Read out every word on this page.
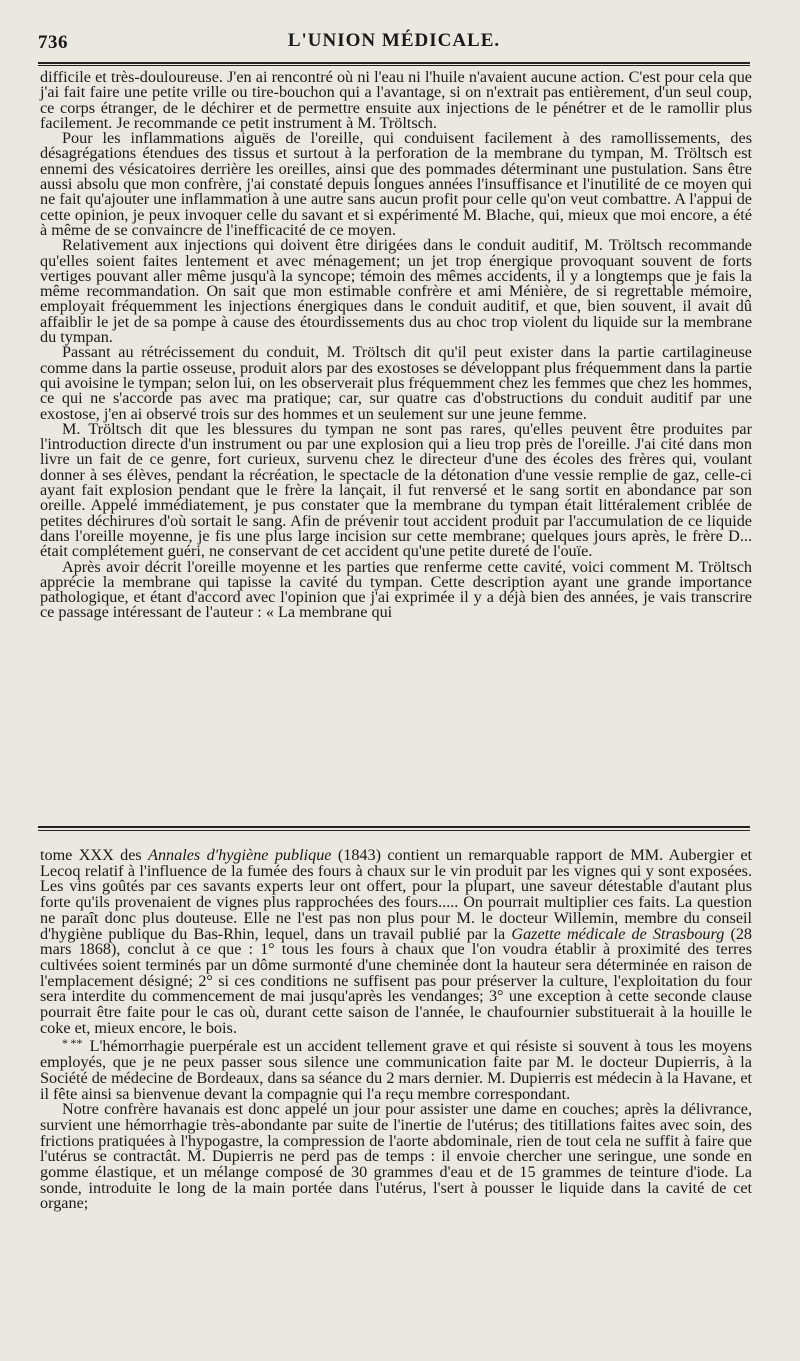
736	L'UNION MÉDICALE.

difficile et très-douloureuse. J'en ai rencontré où ni l'eau ni l'huile n'avaient aucune action. C'est pour cela que j'ai fait faire une petite vrille ou tire-bouchon qui a l'avantage, si on n'extrait pas entièrement, d'un seul coup, ce corps étranger, de le déchirer et de permettre ensuite aux injections de le pénétrer et de le ramollir plus facilement. Je recommande ce petit instrument à M. Tröltsch.

Pour les inflammations aiguës de l'oreille, qui conduisent facilement à des ramollissements, des désagrégations étendues des tissus et surtout à la perforation de la membrane du tympan, M. Tröltsch est ennemi des vésicatoires derrière les oreilles, ainsi que des pommades déterminant une pustulation. Sans être aussi absolu que mon confrère, j'ai constaté depuis longues années l'insuffisance et l'inutilité de ce moyen qui ne fait qu'ajouter une inflammation à une autre sans aucun profit pour celle qu'on veut combattre. A l'appui de cette opinion, je peux invoquer celle du savant et si expérimenté M. Blache, qui, mieux que moi encore, a été à même de se convaincre de l'inefficacité de ce moyen.

Relativement aux injections qui doivent être dirigées dans le conduit auditif, M. Tröltsch recommande qu'elles soient faites lentement et avec ménagement; un jet trop énergique provoquant souvent de forts vertiges pouvant aller même jusqu'à la syncope; témoin des mêmes accidents, il y a longtemps que je fais la même recommandation. On sait que mon estimable confrère et ami Ménière, de si regrettable mémoire, employait fréquemment les injections énergiques dans le conduit auditif, et que, bien souvent, il avait dû affaiblir le jet de sa pompe à cause des étourdissements dus au choc trop violent du liquide sur la membrane du tympan.

Passant au rétrécissement du conduit, M. Tröltsch dit qu'il peut exister dans la partie cartilagineuse comme dans la partie osseuse, produit alors par des exostoses se développant plus fréquemment dans la partie qui avoisine le tympan; selon lui, on les observerait plus fréquemment chez les femmes que chez les hommes, ce qui ne s'accorde pas avec ma pratique; car, sur quatre cas d'obstructions du conduit auditif par une exostose, j'en ai observé trois sur des hommes et un seulement sur une jeune femme.

M. Tröltsch dit que les blessures du tympan ne sont pas rares, qu'elles peuvent être produites par l'introduction directe d'un instrument ou par une explosion qui a lieu trop près de l'oreille. J'ai cité dans mon livre un fait de ce genre, fort curieux, survenu chez le directeur d'une des écoles des frères qui, voulant donner à ses élèves, pendant la récréation, le spectacle de la détonation d'une vessie remplie de gaz, celle-ci ayant fait explosion pendant que le frère la lançait, il fut renversé et le sang sortit en abondance par son oreille. Appelé immédiatement, je pus constater que la membrane du tympan était littéralement criblée de petites déchirures d'où sortait le sang. Afin de prévenir tout accident produit par l'accumulation de ce liquide dans l'oreille moyenne, je fis une plus large incision sur cette membrane; quelques jours après, le frère D... était complétement guéri, ne conservant de cet accident qu'une petite dureté de l'ouïe.

Après avoir décrit l'oreille moyenne et les parties que renferme cette cavité, voici comment M. Tröltsch apprécie la membrane qui tapisse la cavité du tympan. Cette description ayant une grande importance pathologique, et étant d'accord avec l'opinion que j'ai exprimée il y a déjà bien des années, je vais transcrire ce passage intéressant de l'auteur : « La membrane qui

tome XXX des Annales d'hygiène publique (1843) contient un remarquable rapport de MM. Aubergier et Lecoq relatif à l'influence de la fumée des fours à chaux sur le vin produit par les vignes qui y sont exposées. Les vins goûtés par ces savants experts leur ont offert, pour la plupart, une saveur détestable d'autant plus forte qu'ils provenaient de vignes plus rapprochées des fours..... On pourrait multiplier ces faits. La question ne paraît donc plus douteuse. Elle ne l'est pas non plus pour M. le docteur Willemin, membre du conseil d'hygiène publique du Bas-Rhin, lequel, dans un travail publié par la Gazette médicale de Strasbourg (28 mars 1868), conclut à ce que : 1° tous les fours à chaux que l'on voudra établir à proximité des terres cultivées soient terminés par un dôme surmonté d'une cheminée dont la hauteur sera déterminée en raison de l'emplacement désigné; 2° si ces conditions ne suffisent pas pour préserver la culture, l'exploitation du four sera interdite du commencement de mai jusqu'après les vendanges; 3° une exception à cette seconde clause pourrait être faite pour le cas où, durant cette saison de l'année, le chaufournier substituerait à la houille le coke et, mieux encore, le bois.

* ** L'hémorrhagie puerpérale est un accident tellement grave et qui résiste si souvent à tous les moyens employés, que je ne peux passer sous silence une communication faite par M. le docteur Dupierris, à la Société de médecine de Bordeaux, dans sa séance du 2 mars dernier. M. Dupierris est médecin à la Havane, et il fête ainsi sa bienvenue devant la compagnie qui l'a reçu membre correspondant.

Notre confrère havanais est donc appelé un jour pour assister une dame en couches; après la délivrance, survient une hémorrhagie très-abondante par suite de l'inertie de l'utérus; des titillations faites avec soin, des frictions pratiquées à l'hypogastre, la compression de l'aorte abdominale, rien de tout cela ne suffit à faire que l'utérus se contractât. M. Dupierris ne perd pas de temps : il envoie chercher une seringue, une sonde en gomme élastique, et un mélange composé de 30 grammes d'eau et de 15 grammes de teinture d'iode. La sonde, introduite le long de la main portée dans l'utérus, l'sert à pousser le liquide dans la cavité de cet organe;
